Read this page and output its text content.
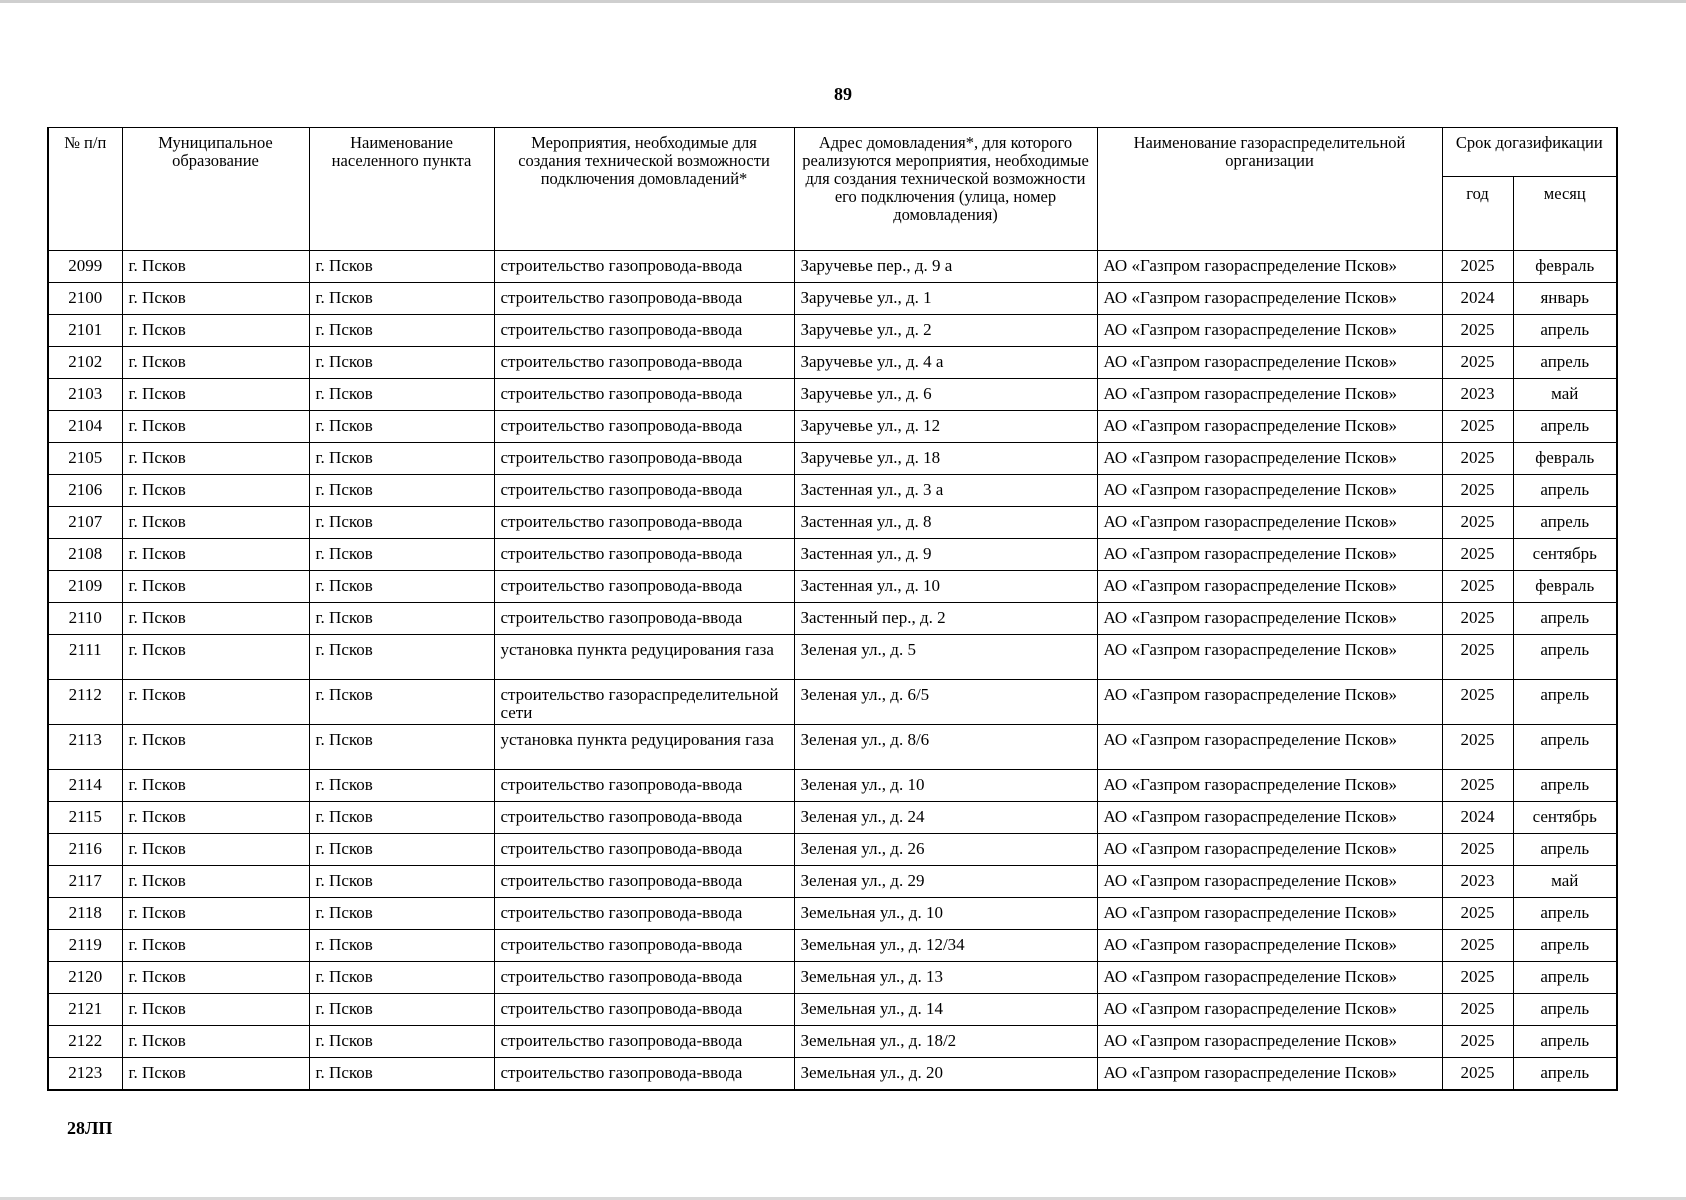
89
№ п/п	Муниципальное образование	Наименование населенного пункта	Мероприятия, необходимые для создания технической возможности подключения домовладений*	Адрес домовладения*, для которого реализуются мероприятия, необходимые для создания технической возможности его подключения (улица, номер домовладения)	Наименование газораспределительной организации	Срок догазификации	
						год	месяц
2099	г. Псков	г. Псков	строительство газопровода-ввода	Заручевье пер., д. 9 а	АО «Газпром газораспределение Псков»	2025	февраль
2100	г. Псков	г. Псков	строительство газопровода-ввода	Заручевье ул., д. 1	АО «Газпром газораспределение Псков»	2024	январь
2101	г. Псков	г. Псков	строительство газопровода-ввода	Заручевье ул., д. 2	АО «Газпром газораспределение Псков»	2025	апрель
2102	г. Псков	г. Псков	строительство газопровода-ввода	Заручевье ул., д. 4 а	АО «Газпром газораспределение Псков»	2025	апрель
2103	г. Псков	г. Псков	строительство газопровода-ввода	Заручевье ул., д. 6	АО «Газпром газораспределение Псков»	2023	май
2104	г. Псков	г. Псков	строительство газопровода-ввода	Заручевье ул., д. 12	АО «Газпром газораспределение Псков»	2025	апрель
2105	г. Псков	г. Псков	строительство газопровода-ввода	Заручевье ул., д. 18	АО «Газпром газораспределение Псков»	2025	февраль
2106	г. Псков	г. Псков	строительство газопровода-ввода	Застенная ул., д. 3 а	АО «Газпром газораспределение Псков»	2025	апрель
2107	г. Псков	г. Псков	строительство газопровода-ввода	Застенная ул., д. 8	АО «Газпром газораспределение Псков»	2025	апрель
2108	г. Псков	г. Псков	строительство газопровода-ввода	Застенная ул., д. 9	АО «Газпром газораспределение Псков»	2025	сентябрь
2109	г. Псков	г. Псков	строительство газопровода-ввода	Застенная ул., д. 10	АО «Газпром газораспределение Псков»	2025	февраль
2110	г. Псков	г. Псков	строительство газопровода-ввода	Застенный пер., д. 2	АО «Газпром газораспределение Псков»	2025	апрель
2111	г. Псков	г. Псков	установка пункта редуцирования газа	Зеленая ул., д. 5	АО «Газпром газораспределение Псков»	2025	апрель
2112	г. Псков	г. Псков	строительство газораспределительной сети	Зеленая ул., д. 6/5	АО «Газпром газораспределение Псков»	2025	апрель
2113	г. Псков	г. Псков	установка пункта редуцирования газа	Зеленая ул., д. 8/6	АО «Газпром газораспределение Псков»	2025	апрель
2114	г. Псков	г. Псков	строительство газопровода-ввода	Зеленая ул., д. 10	АО «Газпром газораспределение Псков»	2025	апрель
2115	г. Псков	г. Псков	строительство газопровода-ввода	Зеленая ул., д. 24	АО «Газпром газораспределение Псков»	2024	сентябрь
2116	г. Псков	г. Псков	строительство газопровода-ввода	Зеленая ул., д. 26	АО «Газпром газораспределение Псков»	2025	апрель
2117	г. Псков	г. Псков	строительство газопровода-ввода	Зеленая ул., д. 29	АО «Газпром газораспределение Псков»	2023	май
2118	г. Псков	г. Псков	строительство газопровода-ввода	Земельная ул., д. 10	АО «Газпром газораспределение Псков»	2025	апрель
2119	г. Псков	г. Псков	строительство газопровода-ввода	Земельная ул., д. 12/34	АО «Газпром газораспределение Псков»	2025	апрель
2120	г. Псков	г. Псков	строительство газопровода-ввода	Земельная ул., д. 13	АО «Газпром газораспределение Псков»	2025	апрель
2121	г. Псков	г. Псков	строительство газопровода-ввода	Земельная ул., д. 14	АО «Газпром газораспределение Псков»	2025	апрель
2122	г. Псков	г. Псков	строительство газопровода-ввода	Земельная ул., д. 18/2	АО «Газпром газораспределение Псков»	2025	апрель
2123	г. Псков	г. Псков	строительство газопровода-ввода	Земельная ул., д. 20	АО «Газпром газораспределение Псков»	2025	апрель
28ЛП
